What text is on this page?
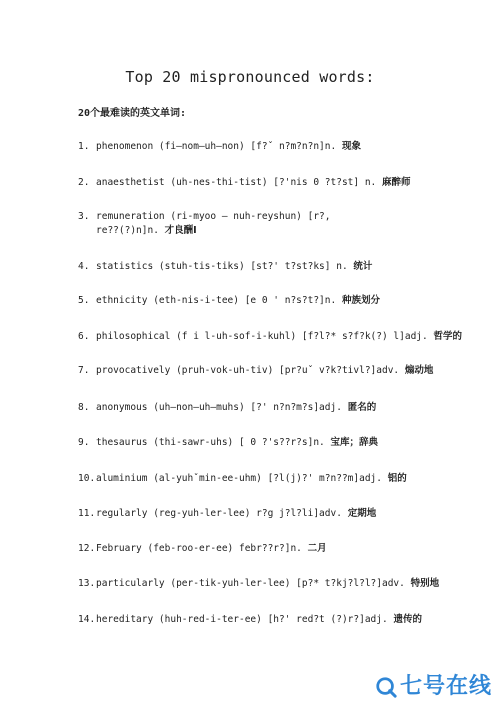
Top 20 mispronounced words:
20个最难读的英文单词:
1. phenomenon (fi—nom—uh—non) [f?ˇ n?m?n?n]n. 现象
2. anaesthetist (uh-nes-thi-tist) [?'nis 0 ?t?st] n. 麻醉师
3. remuneration (ri-myoo — nuh-reyshun) [r?,
re??(?)n]n. 才良酬I
4. statistics (stuh-tis-tiks) [st?' t?st?ks] n. 统计
5. ethnicity (eth-nis-i-tee) [e 0 ' n?s?t?]n. 种族划分
6. philosophical (f i l-uh-sof-i-kuhl) [f?l?* s?f?k(?) l]adj. 哲学的
7. provocatively (pruh-vok-uh-tiv) [pr?uˇ v?k?tivl?]adv. 煽动地
8. anonymous (uh—non—uh—muhs) [?' n?n?m?s]adj. 匿名的
9. thesaurus (thi-sawr-uhs) [ 0 ?'s??r?s]n. 宝库；辞典
10.aluminium (al-yuhˇmin-ee-uhm) [?l(j)?' m?n??m]adj. 铝的
11.regularly (reg-yuh-ler-lee) r?g j?l?li]adv. 定期地
12.February (feb-roo-er-ee) febr??r?]n. 二月
13.particularly (per-tik-yuh-ler-lee) [p?* t?kj?l?l?]adv. 特别地
14.hereditary (huh-red-i-ter-ee) [h?' red?t (?)r?]adj. 遗传的
七号在线
